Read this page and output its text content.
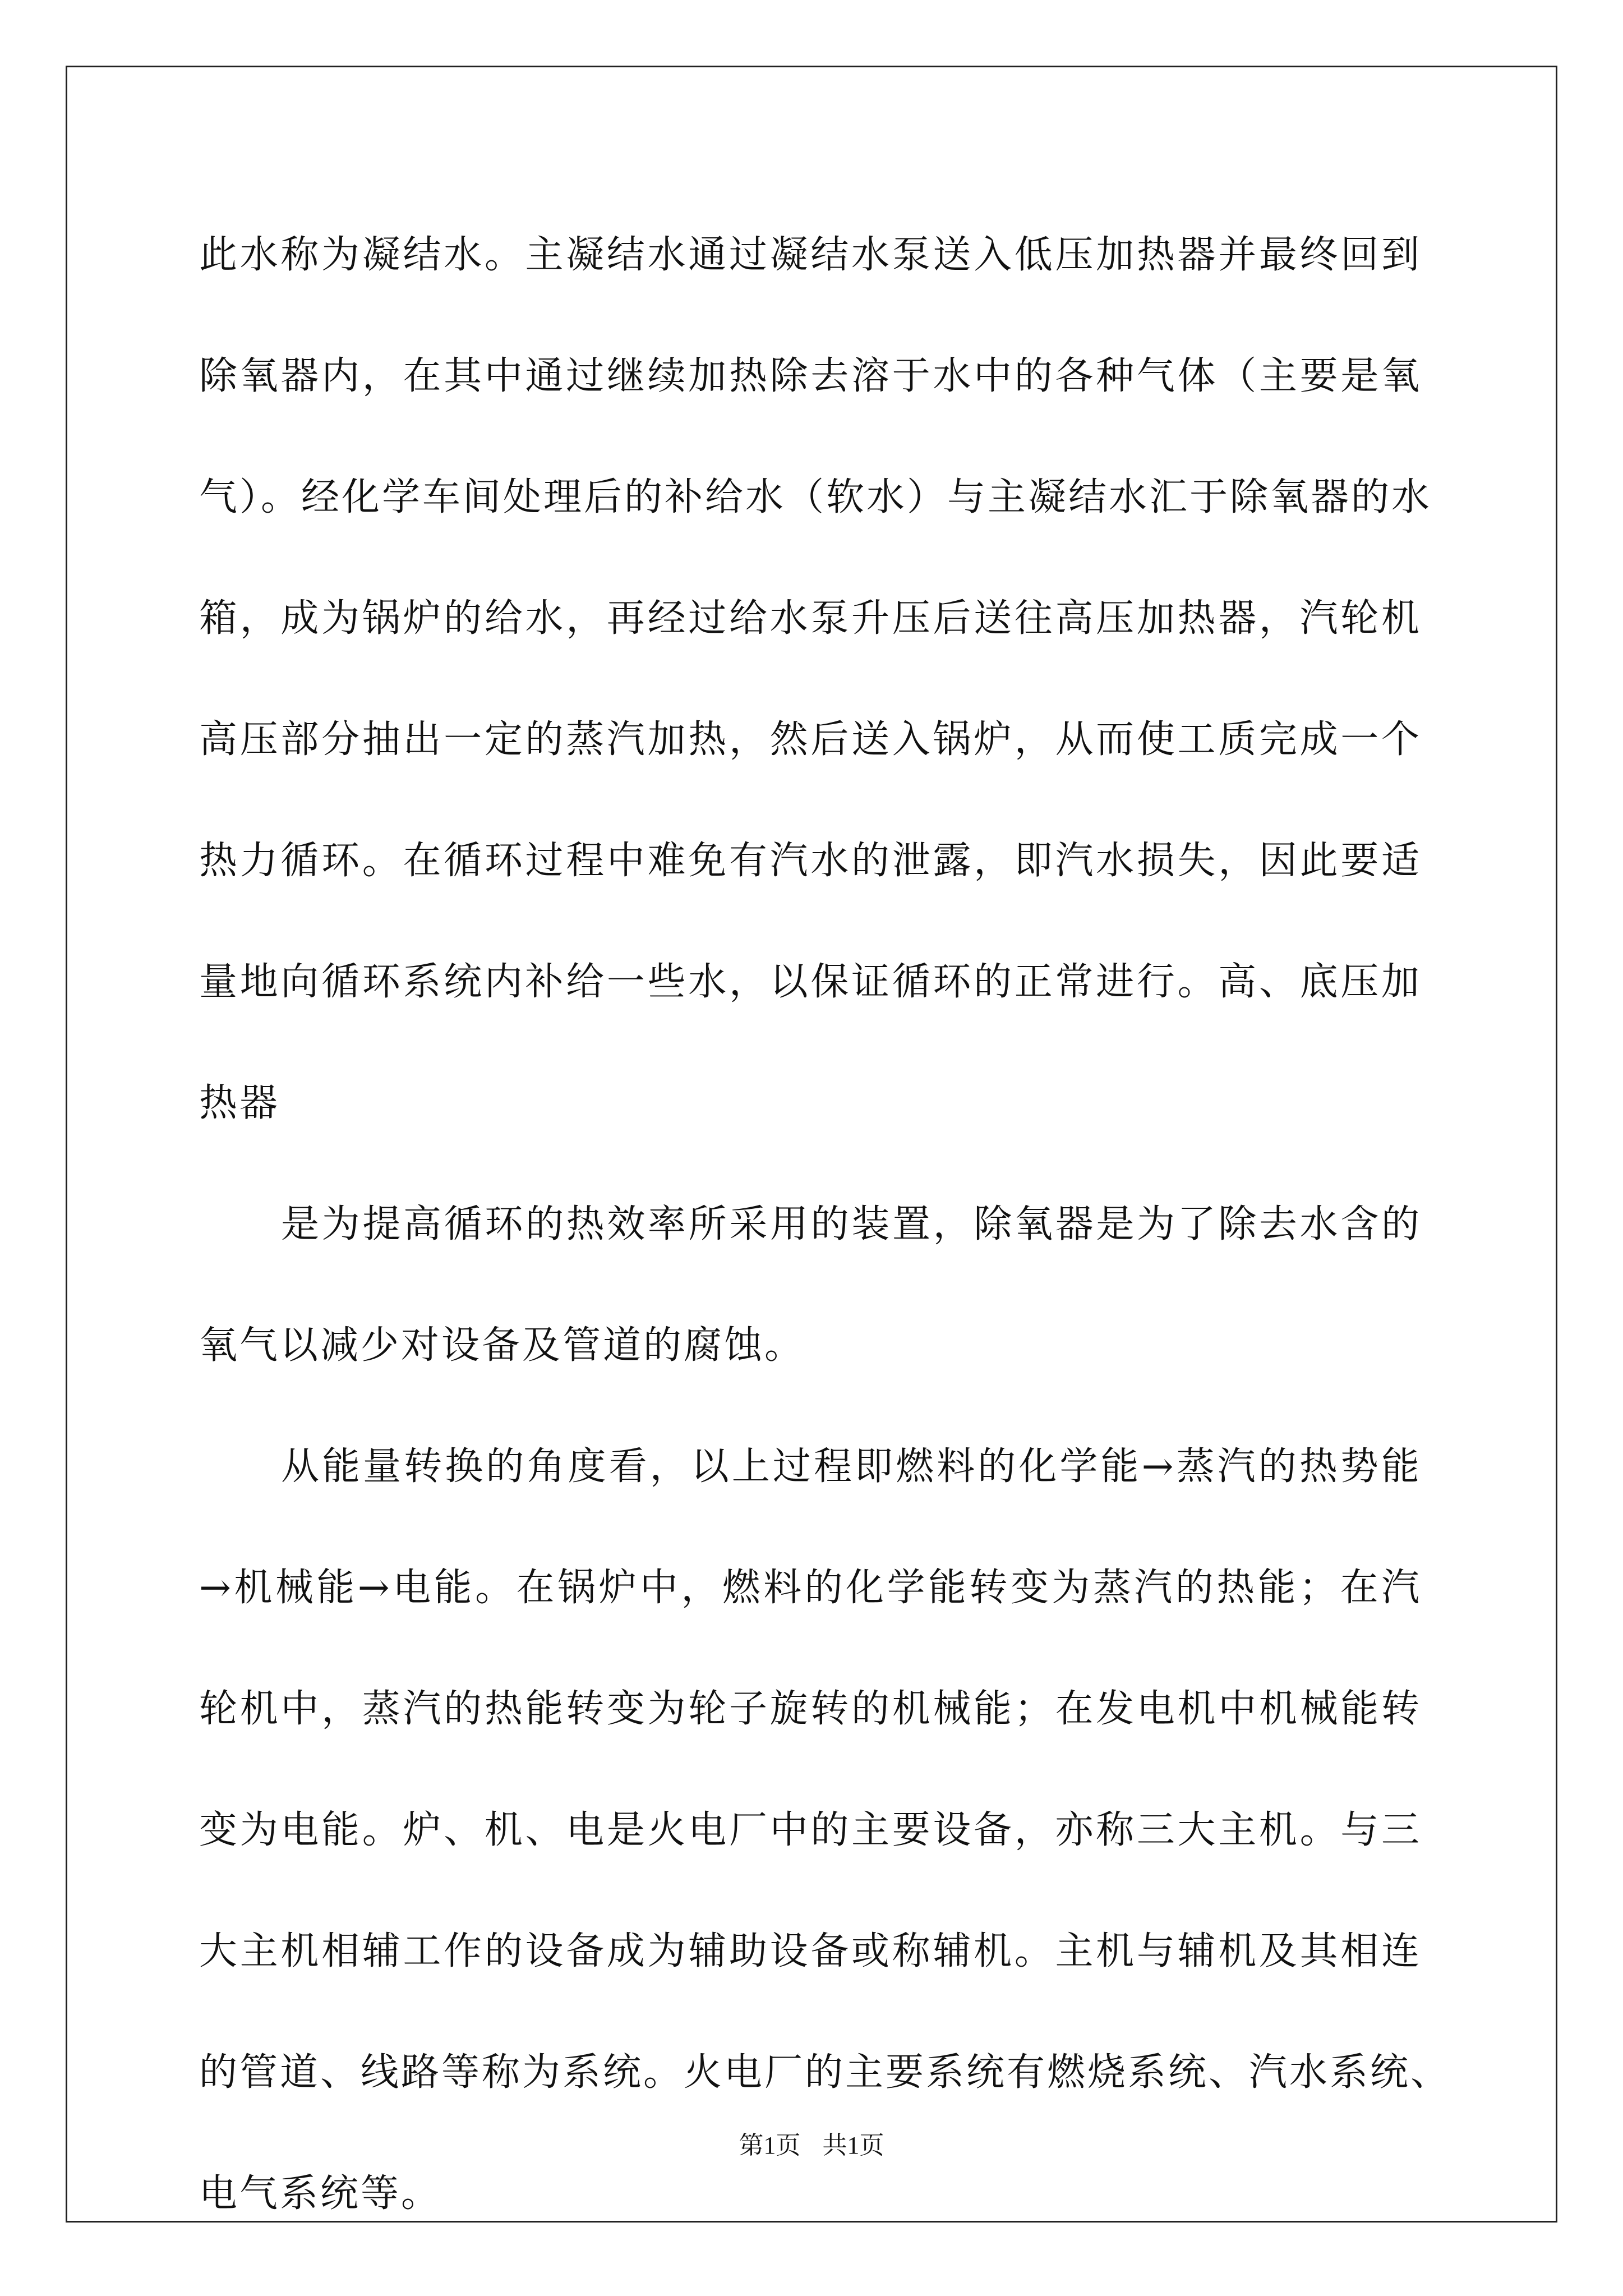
此水称为凝结水。主凝结水通过凝结水泵送入低压加热器并最终回到
除氧器内，在其中通过继续加热除去溶于水中的各种气体（主要是氧
气）。经化学车间处理后的补给水（软水）与主凝结水汇于除氧器的水
箱，成为锅炉的给水，再经过给水泵升压后送往高压加热器，汽轮机
高压部分抽出一定的蒸汽加热，然后送入锅炉，从而使工质完成一个
热力循环。在循环过程中难免有汽水的泄露，即汽水损失，因此要适
量地向循环系统内补给一些水，以保证循环的正常进行。高、底压加
热器
是为提高循环的热效率所采用的装置，除氧器是为了除去水含的
氧气以减少对设备及管道的腐蚀。
从能量转换的角度看，以上过程即燃料的化学能→蒸汽的热势能
→机械能→电能。在锅炉中，燃料的化学能转变为蒸汽的热能；在汽
轮机中，蒸汽的热能转变为轮子旋转的机械能；在发电机中机械能转
变为电能。炉、机、电是火电厂中的主要设备，亦称三大主机。与三
大主机相辅工作的设备成为辅助设备或称辅机。主机与辅机及其相连
的管道、线路等称为系统。火电厂的主要系统有燃烧系统、汽水系统、
电气系统等。
第1页 共1页
